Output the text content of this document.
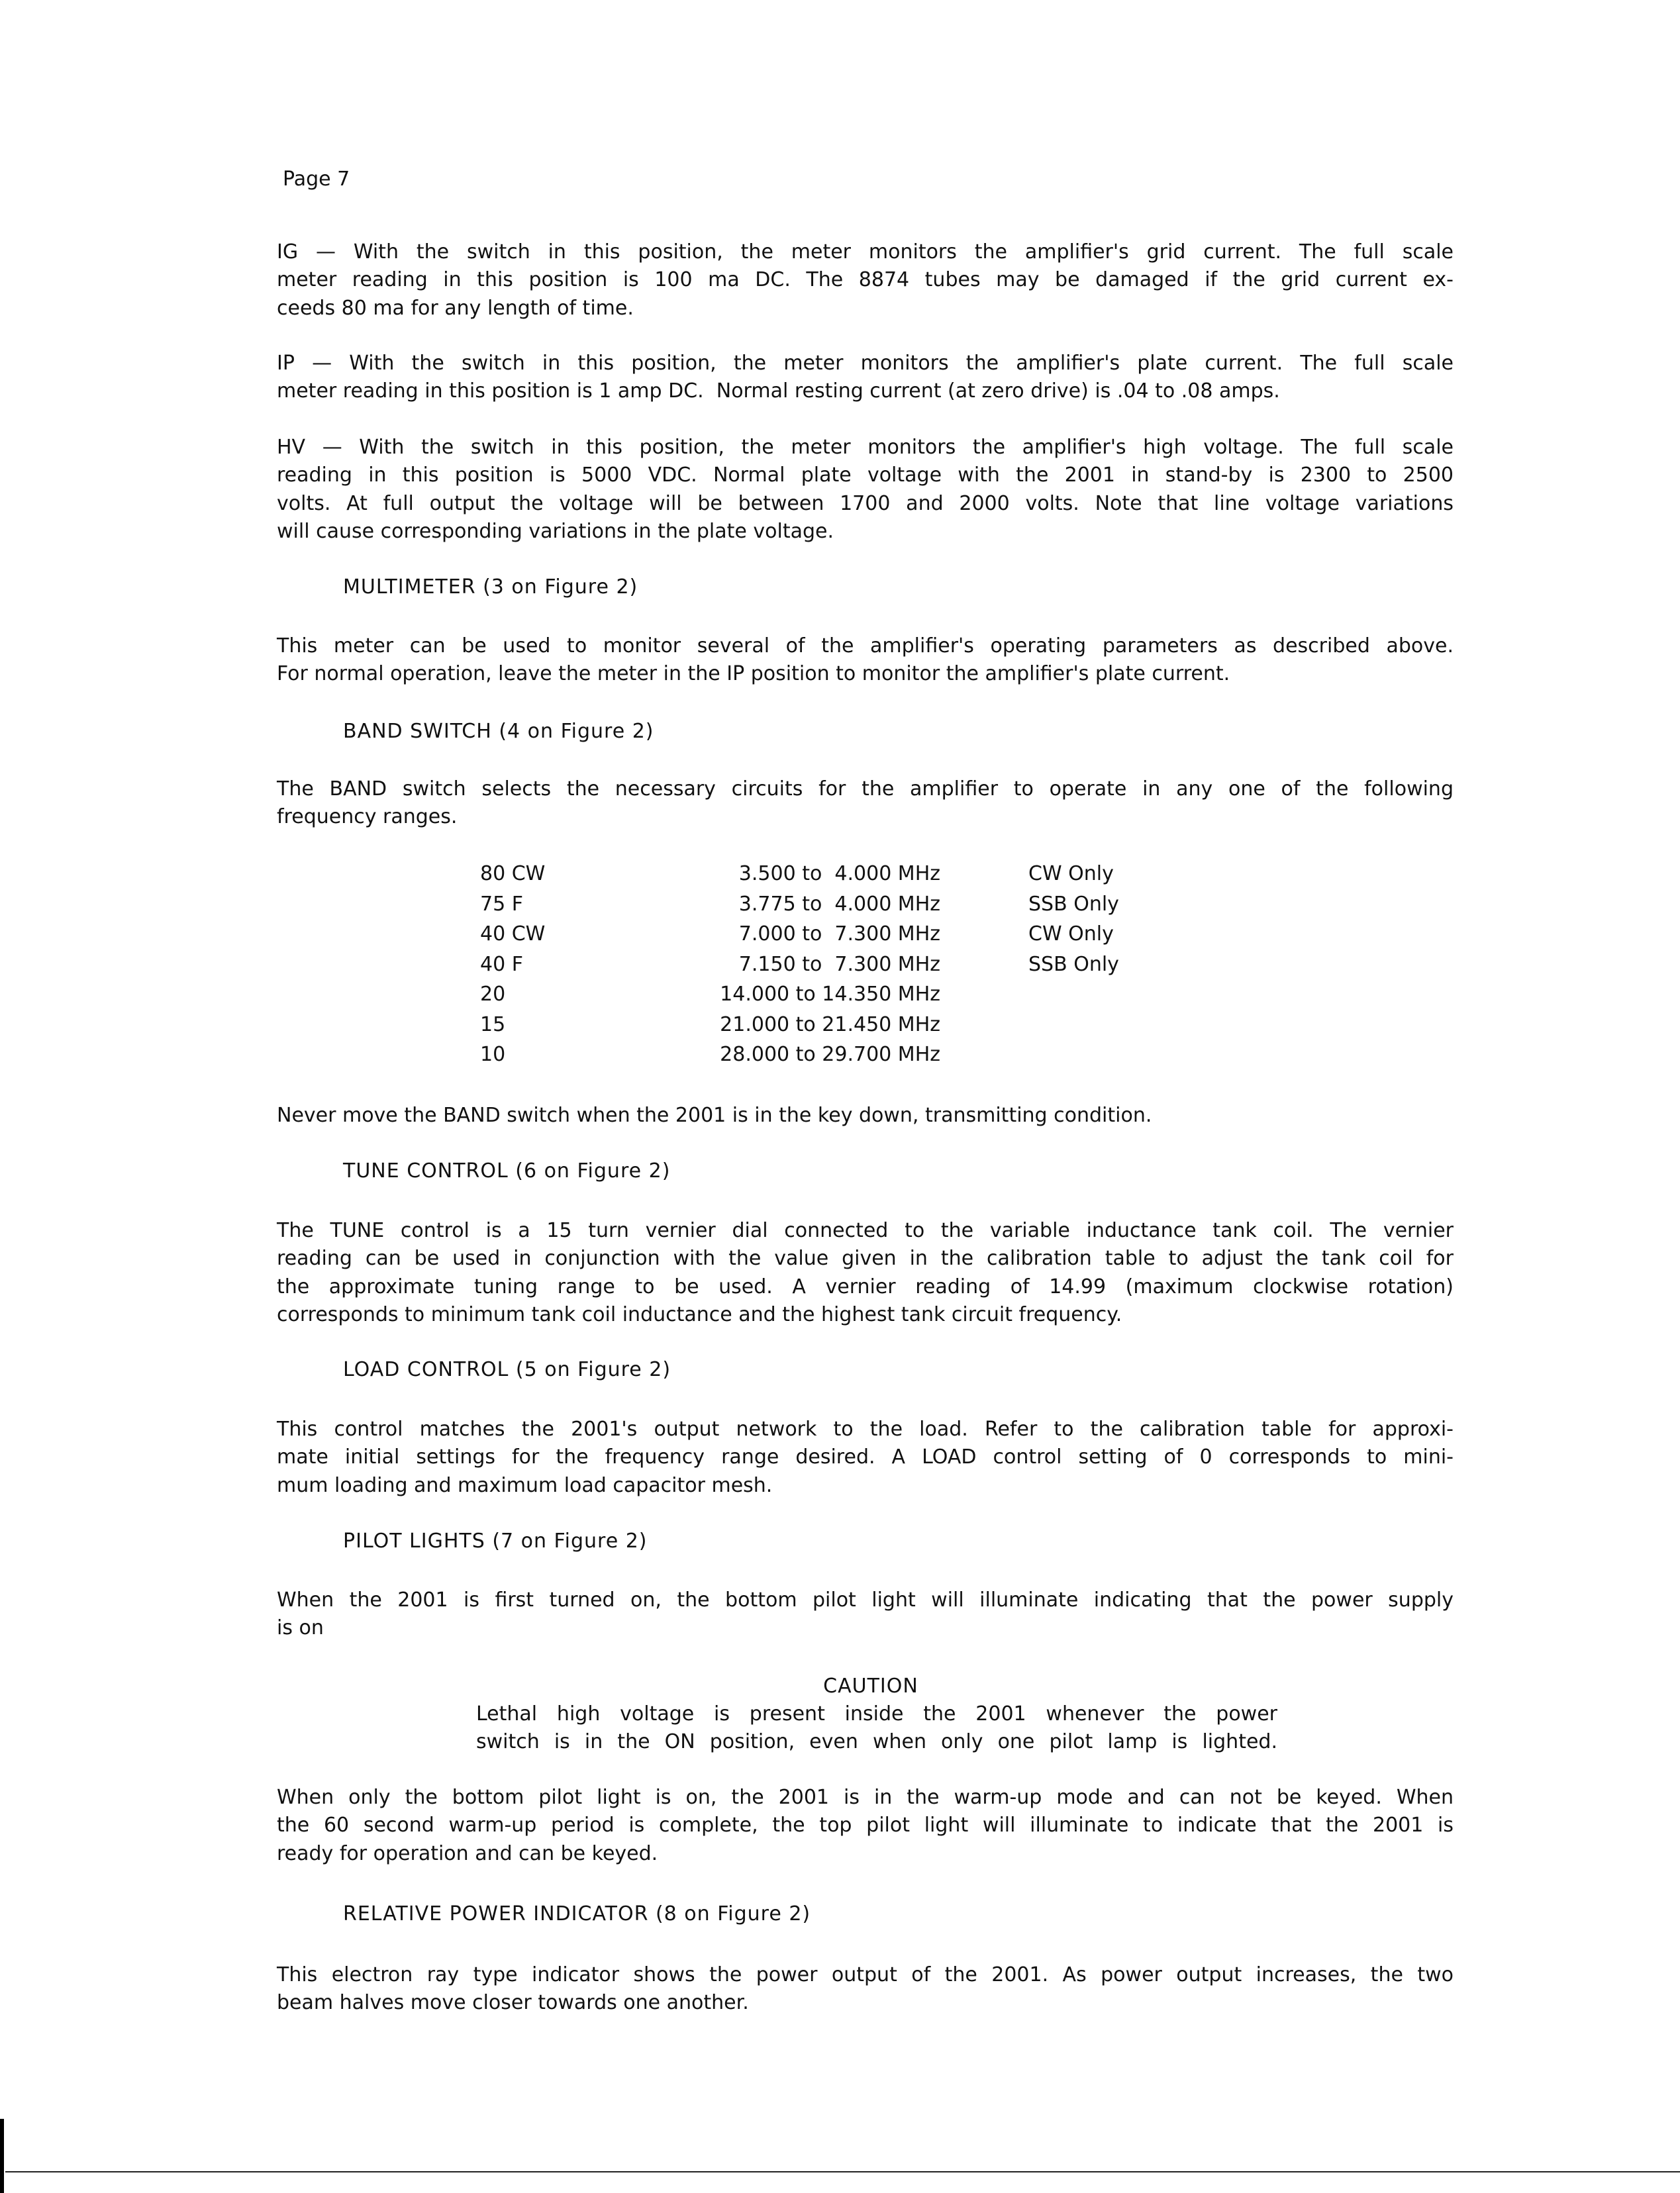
Page 7
IG — With the switch in this position, the meter monitors the amplifier's grid current. The full scale
meter reading in this position is 100 ma DC. The 8874 tubes may be damaged if the grid current ex-
ceeds 80 ma for any length of time.
IP — With the switch in this position, the meter monitors the amplifier's plate current. The full scale
meter reading in this position is 1 amp DC.  Normal resting current (at zero drive) is .04 to .08 amps.
HV — With the switch in this position, the meter monitors the amplifier's high voltage. The full scale
reading in this position is 5000 VDC. Normal plate voltage with the 2001 in stand-by is 2300 to 2500
volts. At full output the voltage will be between 1700 and 2000 volts. Note that line voltage variations
will cause corresponding variations in the plate voltage.
MULTIMETER (3 on Figure 2)
This meter can be used to monitor several of the amplifier's operating parameters as described above.
For normal operation, leave the meter in the IP position to monitor the amplifier's plate current.
BAND SWITCH (4 on Figure 2)
The BAND switch selects the necessary circuits for the amplifier to operate in any one of the following
frequency ranges.
Never move the BAND switch when the 2001 is in the key down, transmitting condition.
TUNE CONTROL (6 on Figure 2)
The TUNE control is a 15 turn vernier dial connected to the variable inductance tank coil. The vernier
reading can be used in conjunction with the value given in the calibration table to adjust the tank coil for
the approximate tuning range to be used. A vernier reading of 14.99 (maximum clockwise rotation)
corresponds to minimum tank coil inductance and the highest tank circuit frequency.
LOAD CONTROL (5 on Figure 2)
This control matches the 2001's output network to the load. Refer to the calibration table for approxi-
mate initial settings for the frequency range desired. A LOAD control setting of 0 corresponds to mini-
mum loading and maximum load capacitor mesh.
PILOT LIGHTS (7 on Figure 2)
When the 2001 is first turned on, the bottom pilot light will illuminate indicating that the power supply
is on
CAUTION
Lethal high voltage is present inside the 2001 whenever the power
switch is in the ON position, even when only one pilot lamp is lighted.
When only the bottom pilot light is on, the 2001 is in the warm-up mode and can not be keyed. When
the 60 second warm-up period is complete, the top pilot light will illuminate to indicate that the 2001 is
ready for operation and can be keyed.
RELATIVE POWER INDICATOR (8 on Figure 2)
This electron ray type indicator shows the power output of the 2001. As power output increases, the two
beam halves move closer towards one another.
80 CW	3.500 to  4.000 MHz	CW Only
75 F	3.775 to  4.000 MHz	SSB Only
40 CW	7.000 to  7.300 MHz	CW Only
40 F	7.150 to  7.300 MHz	SSB Only
20	14.000 to 14.350 MHz
15	21.000 to 21.450 MHz
10	28.000 to 29.700 MHz
